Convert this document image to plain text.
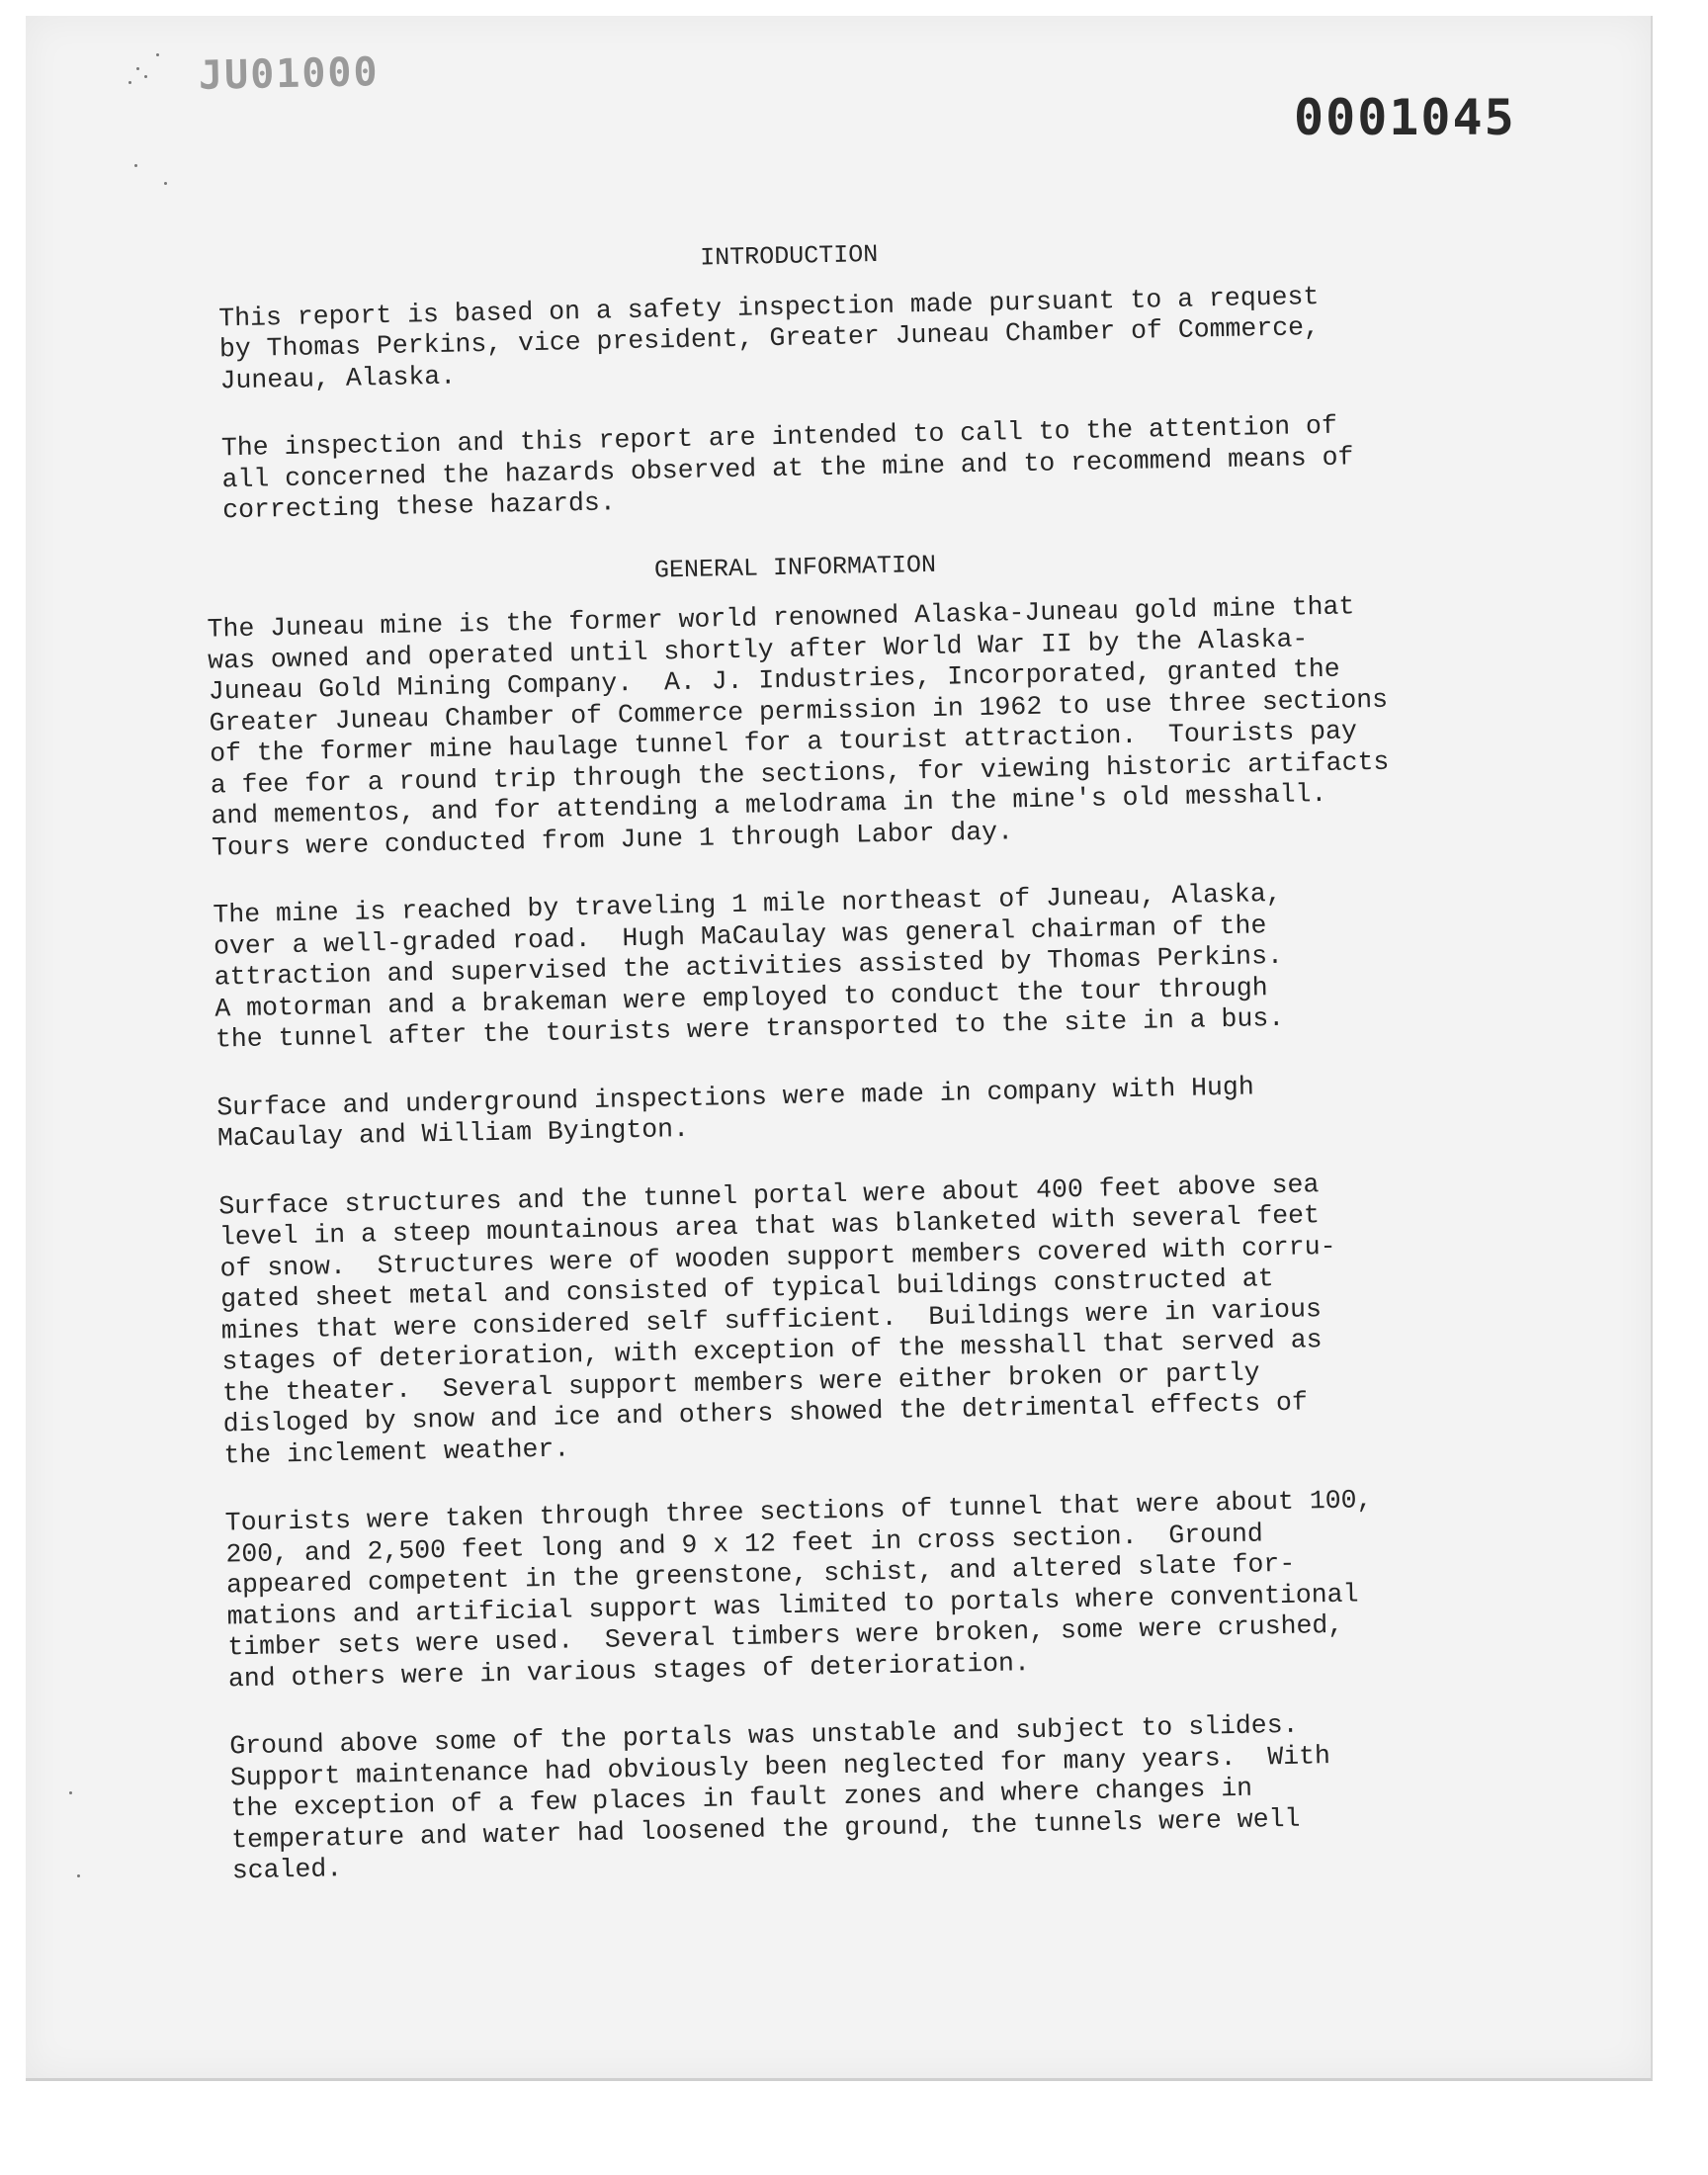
JU01000
0001045
INTRODUCTION

This report is based on a safety inspection made pursuant to a request
by Thomas Perkins, vice president, Greater Juneau Chamber of Commerce,
Juneau, Alaska.

The inspection and this report are intended to call to the attention of
all concerned the hazards observed at the mine and to recommend means of
correcting these hazards.

GENERAL INFORMATION

The Juneau mine is the former world renowned Alaska-Juneau gold mine that
was owned and operated until shortly after World War II by the Alaska-
Juneau Gold Mining Company.  A. J. Industries, Incorporated, granted the
Greater Juneau Chamber of Commerce permission in 1962 to use three sections
of the former mine haulage tunnel for a tourist attraction.  Tourists pay
a fee for a round trip through the sections, for viewing historic artifacts
and mementos, and for attending a melodrama in the mine's old messhall.
Tours were conducted from June 1 through Labor day.

The mine is reached by traveling 1 mile northeast of Juneau, Alaska,
over a well-graded road.  Hugh MaCaulay was general chairman of the
attraction and supervised the activities assisted by Thomas Perkins.
A motorman and a brakeman were employed to conduct the tour through
the tunnel after the tourists were transported to the site in a bus.

Surface and underground inspections were made in company with Hugh
MaCaulay and William Byington.

Surface structures and the tunnel portal were about 400 feet above sea
level in a steep mountainous area that was blanketed with several feet
of snow.  Structures were of wooden support members covered with corru-
gated sheet metal and consisted of typical buildings constructed at
mines that were considered self sufficient.  Buildings were in various
stages of deterioration, with exception of the messhall that served as
the theater.  Several support members were either broken or partly
disloged by snow and ice and others showed the detrimental effects of
the inclement weather.

Tourists were taken through three sections of tunnel that were about 100,
200, and 2,500 feet long and 9 x 12 feet in cross section.  Ground
appeared competent in the greenstone, schist, and altered slate for-
mations and artificial support was limited to portals where conventional
timber sets were used.  Several timbers were broken, some were crushed,
and others were in various stages of deterioration.

Ground above some of the portals was unstable and subject to slides.
Support maintenance had obviously been neglected for many years.  With
the exception of a few places in fault zones and where changes in
temperature and water had loosened the ground, the tunnels were well
scaled.
